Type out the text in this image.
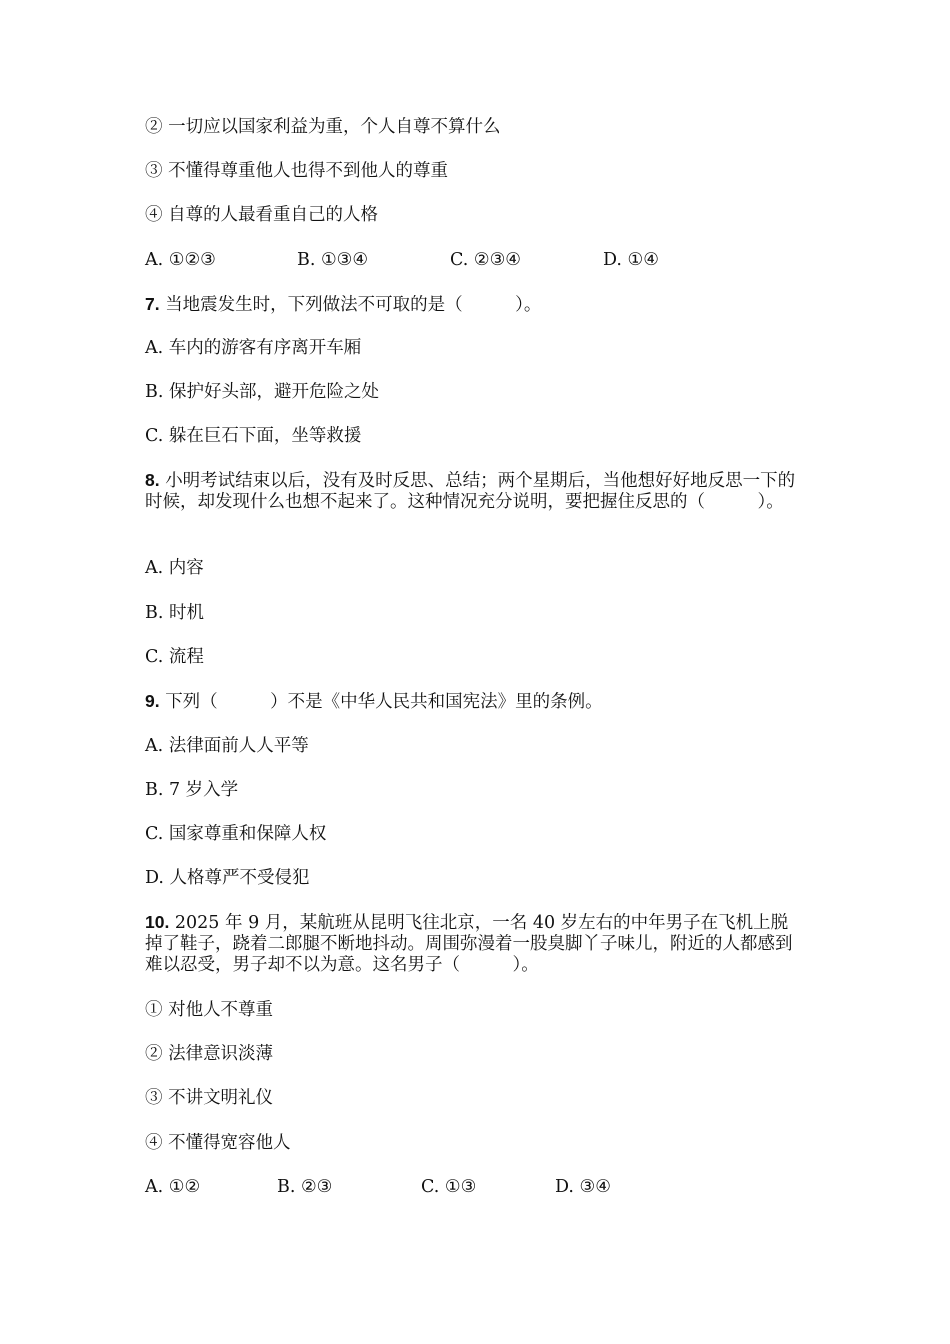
② 一切应以国家利益为重，个人自尊不算什么
③ 不懂得尊重他人也得不到他人的尊重
④ 自尊的人最看重自己的人格
A. ①②③	B. ①③④	C. ②③④	D. ①④
7. 当地震发生时，下列做法不可取的是（　　　）。
A. 车内的游客有序离开车厢
B. 保护好头部，避开危险之处
C. 躲在巨石下面，坐等救援
8. 小明考试结束以后，没有及时反思、总结；两个星期后，当他想好好地反思一下的时候，却发现什么也想不起来了。这种情况充分说明，要把握住反思的（　　　）。
A. 内容
B. 时机
C. 流程
9. 下列（　　　）不是《中华人民共和国宪法》里的条例。
A. 法律面前人人平等
B. 7 岁入学
C. 国家尊重和保障人权
D. 人格尊严不受侵犯
10. 2025 年 9 月，某航班从昆明飞往北京，一名 40 岁左右的中年男子在飞机上脱掉了鞋子，跷着二郎腿不断地抖动。周围弥漫着一股臭脚丫子味儿，附近的人都感到难以忍受，男子却不以为意。这名男子（　　　）。
① 对他人不尊重
② 法律意识淡薄
③ 不讲文明礼仪
④ 不懂得宽容他人
A. ①②	B. ②③	C. ①③	D. ③④
